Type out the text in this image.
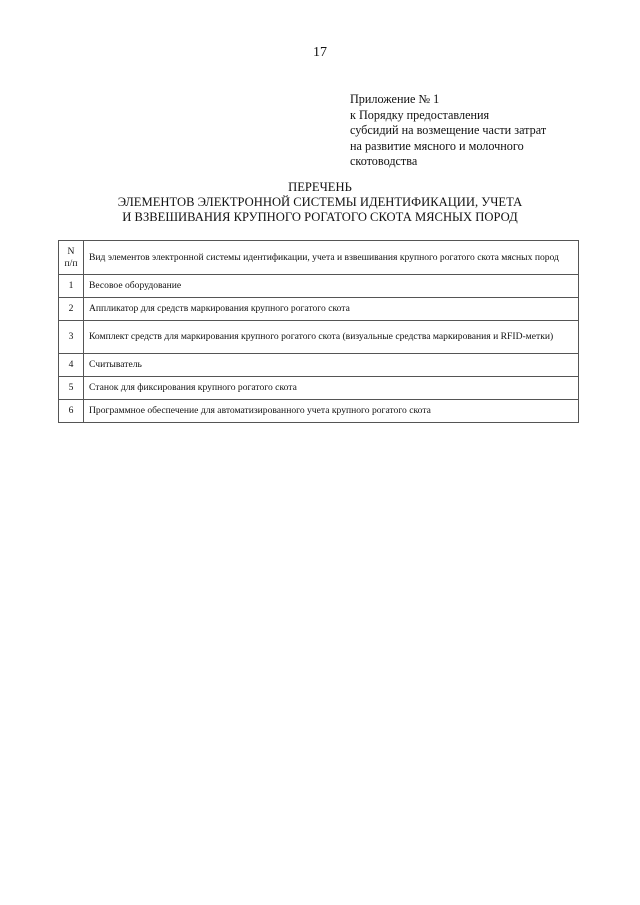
17
Приложение № 1
к Порядку предоставления
субсидий на возмещение части затрат
на развитие мясного и молочного
скотоводства
ПЕРЕЧЕНЬ
ЭЛЕМЕНТОВ ЭЛЕКТРОННОЙ СИСТЕМЫ ИДЕНТИФИКАЦИИ, УЧЕТА
И ВЗВЕШИВАНИЯ КРУПНОГО РОГАТОГО СКОТА МЯСНЫХ ПОРОД
N
п/п	Вид элементов электронной системы идентификации, учета и взвешивания крупного рогатого скота мясных пород
1	Весовое оборудование
2	Аппликатор для средств маркирования крупного рогатого скота
3	Комплект средств для маркирования крупного рогатого скота (визуальные средства маркирования и RFID-метки)
4	Считыватель
5	Станок для фиксирования крупного рогатого скота
6	Программное обеспечение для автоматизированного учета крупного рогатого скота
